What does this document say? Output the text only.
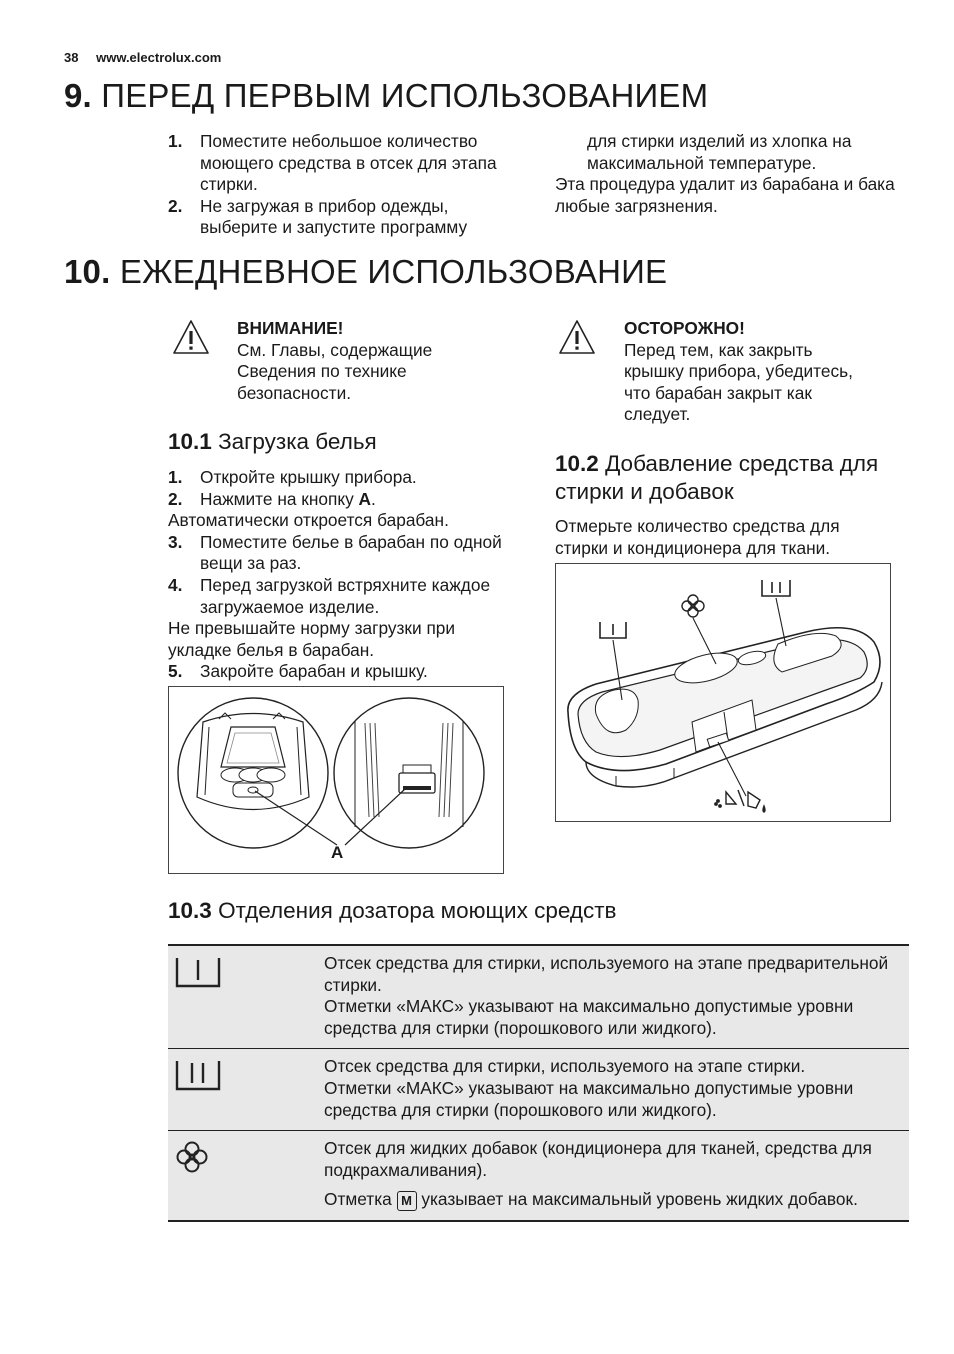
38 www.electrolux.com
9. ПЕРЕД ПЕРВЫМ ИСПОЛЬЗОВАНИЕМ
1. Поместите небольшое количество моющего средства в отсек для этапа стирки.
2. Не загружая в прибор одежды, выберите и запустите программу
для стирки изделий из хлопка на максимальной температуре.
Эта процедура удалит из барабана и бака любые загрязнения.
10. ЕЖЕДНЕВНОЕ ИСПОЛЬЗОВАНИЕ
ВНИМАНИЕ!
См. Главы, содержащие Сведения по технике безопасности.
ОСТОРОЖНО!
Перед тем, как закрыть крышку прибора, убедитесь, что барабан закрыт как следует.
10.1 Загрузка белья
1. Откройте крышку прибора.
2. Нажмите на кнопку A.
Автоматически откроется барабан.
3. Поместите белье в барабан по одной вещи за раз.
4. Перед загрузкой встряхните каждое загружаемое изделие.
Не превышайте норму загрузки при укладке белья в барабан.
5. Закройте барабан и крышку.
A
10.2 Добавление средства для стирки и добавок
Отмерьте количество средства для стирки и кондиционера для ткани.
10.3 Отделения дозатора моющих средств
	Отсек средства для стирки, используемого на этапе предварительной стирки.
Отметки «МАКС» указывают на максимально допустимые уровни средства для стирки (порошкового или жидкого).
	Отсек средства для стирки, используемого на этапе стирки.
Отметки «МАКС» указывают на максимально допустимые уровни средства для стирки (порошкового или жидкого).

Отсек для жидких добавок (кондиционера для тканей, средства для подкрахмаливания).
Отметка M указывает на максимальный уровень жидких добавок.
